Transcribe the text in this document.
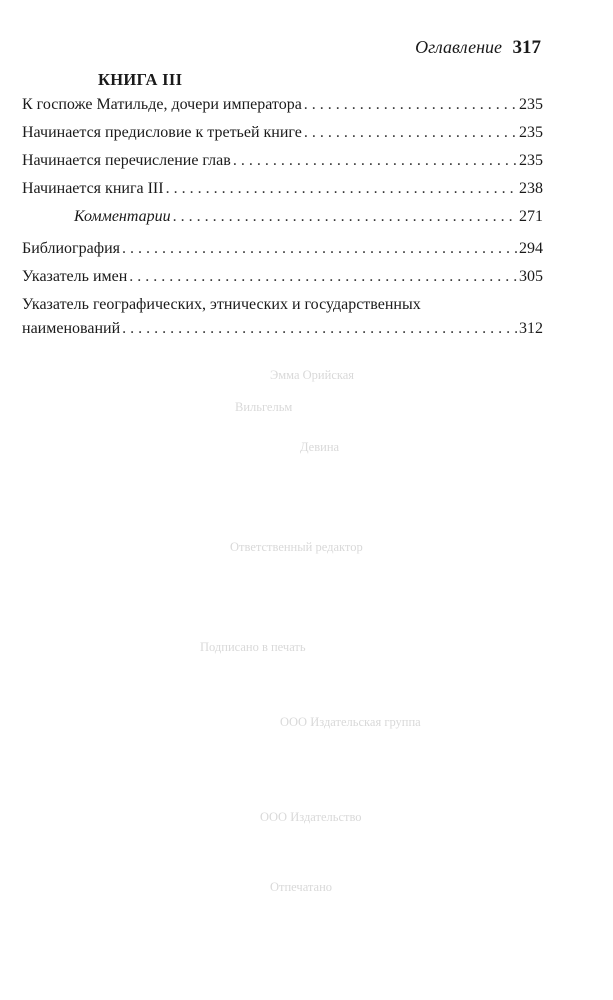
Эмма Орийская
Вильгельм
Девина
Ответственный редактор
Подписано в печать
ООО Издательская группа
ООО Издательство
Отпечатано
Оглавление 317
КНИГА III
К госпоже Матильде, дочери императора . . .	235
Начинается предисловие к третьей книге . . .	235
Начинается перечисление глав . . .	235
Начинается книга III . . .	238
Комментарии . . .	271
Библиография . . .	294
Указатель имен . . .	305
Указатель географических, этнических и государственных
наименований . . .	312
